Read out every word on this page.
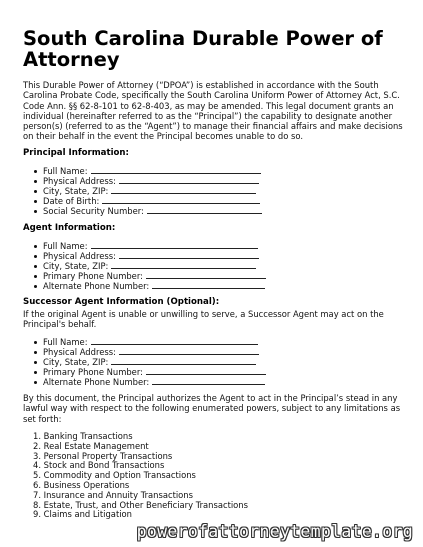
South Carolina Durable Power of Attorney
This Durable Power of Attorney (“DPOA”) is established in accordance with the South Carolina Probate Code, specifically the South Carolina Uniform Power of Attorney Act, S.C. Code Ann. §§ 62-8-101 to 62-8-403, as may be amended. This legal document grants an individual (hereinafter referred to as the “Principal”) the capability to designate another person(s) (referred to as the “Agent”) to manage their financial affairs and make decisions on their behalf in the event the Principal becomes unable to do so.
Principal Information:
Full Name:
Physical Address:
City, State, ZIP:
Date of Birth:
Social Security Number:
Agent Information:
Full Name:
Physical Address:
City, State, ZIP:
Primary Phone Number:
Alternate Phone Number:
Successor Agent Information (Optional):
If the original Agent is unable or unwilling to serve, a Successor Agent may act on the Principal's behalf.
Full Name:
Physical Address:
City, State, ZIP:
Primary Phone Number:
Alternate Phone Number:
By this document, the Principal authorizes the Agent to act in the Principal’s stead in any lawful way with respect to the following enumerated powers, subject to any limitations as set forth:
1. Banking Transactions
2. Real Estate Management
3. Personal Property Transactions
4. Stock and Bond Transactions
5. Commodity and Option Transactions
6. Business Operations
7. Insurance and Annuity Transactions
8. Estate, Trust, and Other Beneficiary Transactions
9. Claims and Litigation
powerofattorneytemplate.org
